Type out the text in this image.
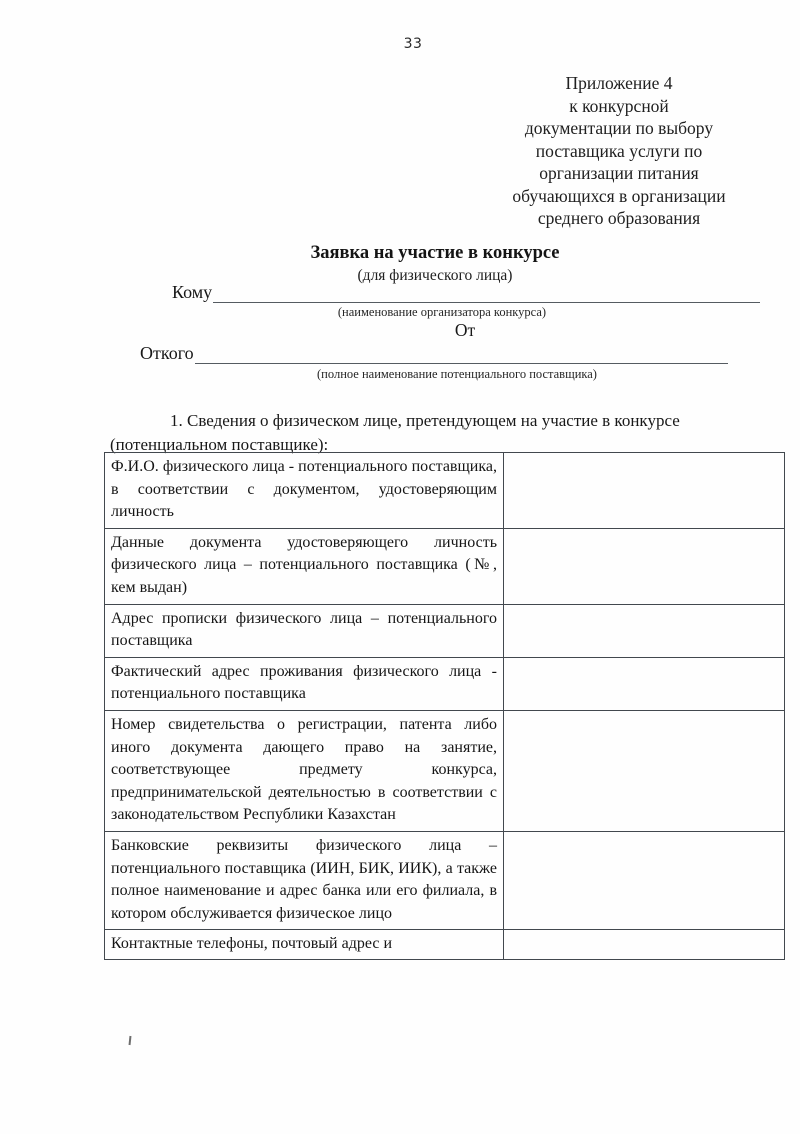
33
Приложение 4
к конкурсной
документации по выбору
поставщика услуги по
организации питания
обучающихся в организации
среднего образования
Заявка на участие в конкурсе
(для физического лица)
Кому
(наименование организатора конкурса)
От
Откого
(полное наименование потенциального поставщика)
1. Сведения о физическом лице, претендующем на участие в конкурсе (потенциальном поставщике):
Ф.И.О. физического лица - потенциального поставщика, в соответствии с документом, удостоверяющим личность	
Данные документа удостоверяющего личность физического лица – потенциального поставщика (№, кем выдан)	
Адрес прописки физического лица – потенциального поставщика	
Фактический адрес проживания физического лица - потенциального поставщика	
Номер свидетельства о регистрации, патента либо иного документа дающего право на занятие, соответствующее предмету конкурса, предпринимательской деятельностью в соответствии с законодательством Республики Казахстан	
Банковские реквизиты физического лица – потенциального поставщика (ИИН, БИК, ИИК), а также полное наименование и адрес банка или его филиала, в котором обслуживается физическое лицо	
Контактные телефоны, почтовый адрес и	
